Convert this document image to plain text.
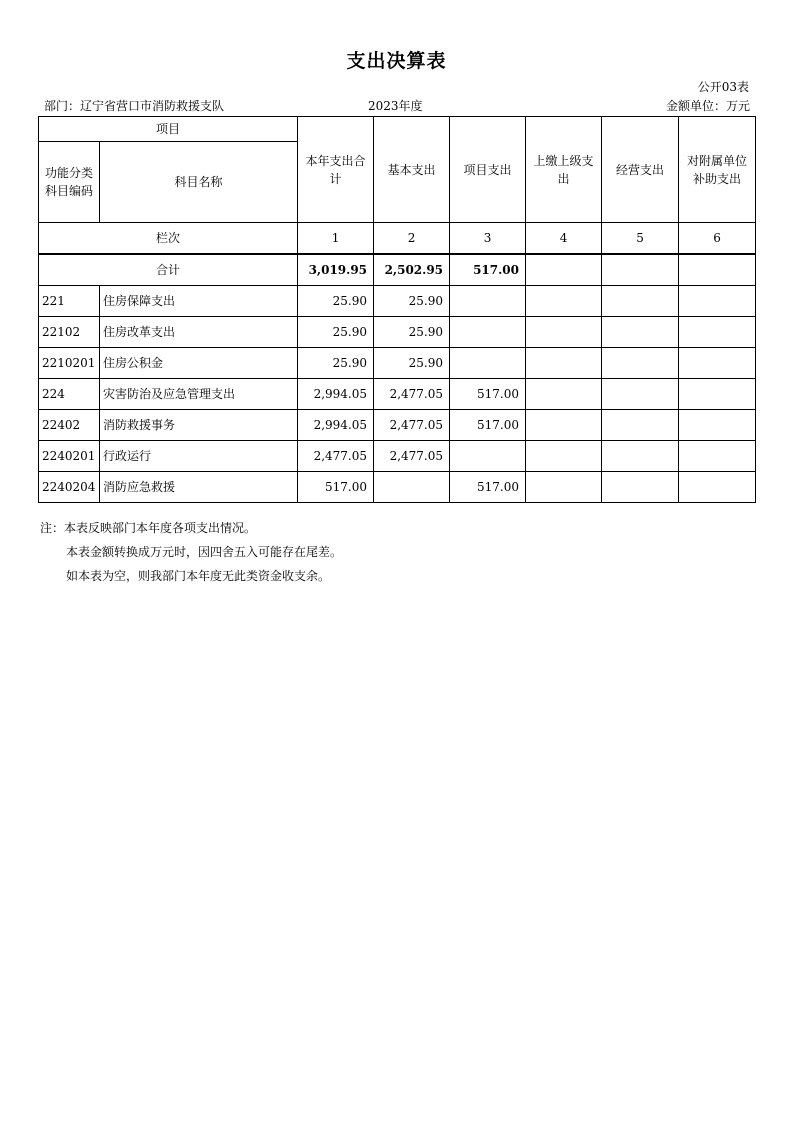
支出决算表
公开03表
部门：辽宁省营口市消防救援支队	2023年度	金额单位：万元
项目		本年支出合计	基本支出	项目支出	上缴上级支出	经营支出	对附属单位补助支出
功能分类科目编码	科目名称						
栏次		1	2	3	4	5	6
合计		3,019.95	2,502.95	517.00			
221	住房保障支出	25.90	25.90				
22102	住房改革支出	25.90	25.90				
2210201	住房公积金	25.90	25.90				
224	灾害防治及应急管理支出	2,994.05	2,477.05	517.00			
22402	消防救援事务	2,994.05	2,477.05	517.00			
2240201	行政运行	2,477.05	2,477.05				
2240204	消防应急救援	517.00		517.00			
注：本表反映部门本年度各项支出情况。
本表金额转换成万元时，因四舍五入可能存在尾差。
如本表为空，则我部门本年度无此类资金收支余。
